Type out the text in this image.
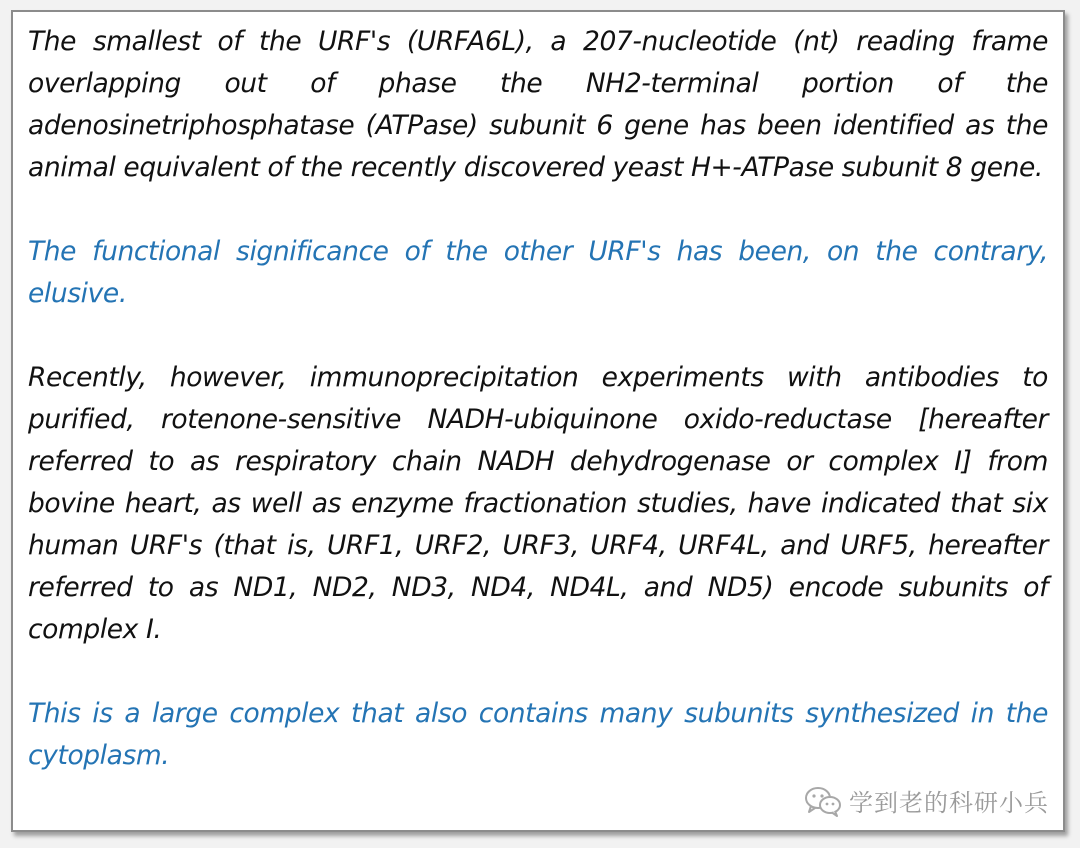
The smallest of the URF's (URFA6L), a 207-nucleotide (nt) reading frame overlapping out of phase the NH2-terminal portion of the adenosinetriphosphatase (ATPase) subunit 6 gene has been identified as the animal equivalent of the recently discovered yeast H+-ATPase subunit 8 gene.

The functional significance of the other URF's has been, on the contrary, elusive.

Recently, however, immunoprecipitation experiments with antibodies to purified, rotenone-sensitive NADH-ubiquinone oxido-reductase [hereafter referred to as respiratory chain NADH dehydrogenase or complex I] from bovine heart, as well as enzyme fractionation studies, have indicated that six human URF's (that is, URF1, URF2, URF3, URF4, URF4L, and URF5, hereafter referred to as ND1, ND2, ND3, ND4, ND4L, and ND5) encode subunits of complex I.

This is a large complex that also contains many subunits synthesized in the cytoplasm.

学到老的科研小兵
